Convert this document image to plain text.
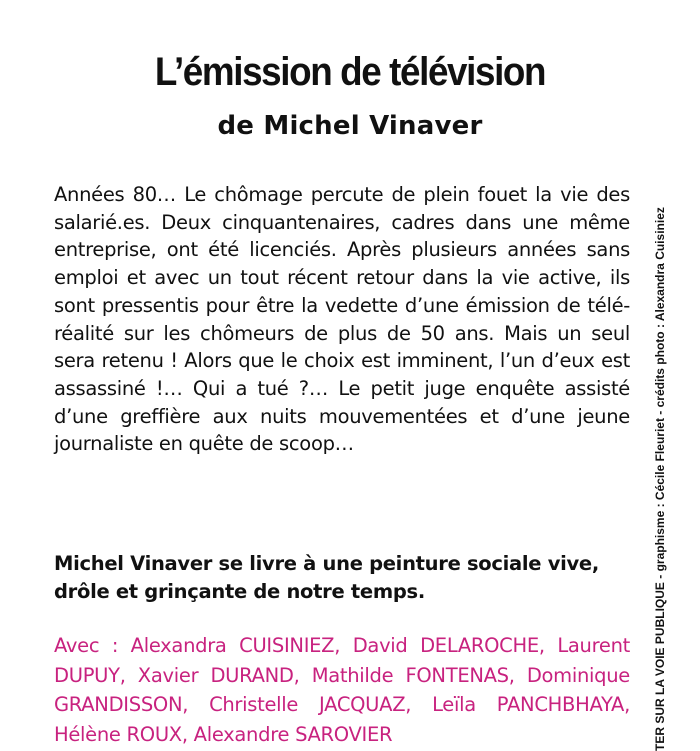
L’émission de télévision
de Michel Vinaver

Années 80… Le chômage percute de plein fouet la vie des salarié.es. Deux cinquantenaires, cadres dans une même entreprise, ont été licenciés. Après plusieurs années sans emploi et avec un tout récent retour dans la vie active, ils sont pressentis pour être la vedette d’une émission de télé-réalité sur les chômeurs de plus de 50 ans. Mais un seul sera retenu ! Alors que le choix est imminent, l’un d’eux est assassiné !… Qui a tué ?… Le petit juge enquête assisté d’une greffière aux nuits mouvementées et d’une jeune journaliste en quête de scoop…

Michel Vinaver se livre à une peinture sociale vive, drôle et grinçante de notre temps.

Avec : Alexandra CUISINIEZ, David DELAROCHE, Laurent DUPUY, Xavier DURAND, Mathilde FONTENAS, Dominique GRANDISSON, Christelle JACQUAZ, Leïla PANCHBHAYA, Hélène ROUX, Alexandre SAROVIER	TER SUR LA VOIE PUBLIQUE - graphisme : Cécile Fleuriet - crédits photo : Alexandra Cuisiniez
